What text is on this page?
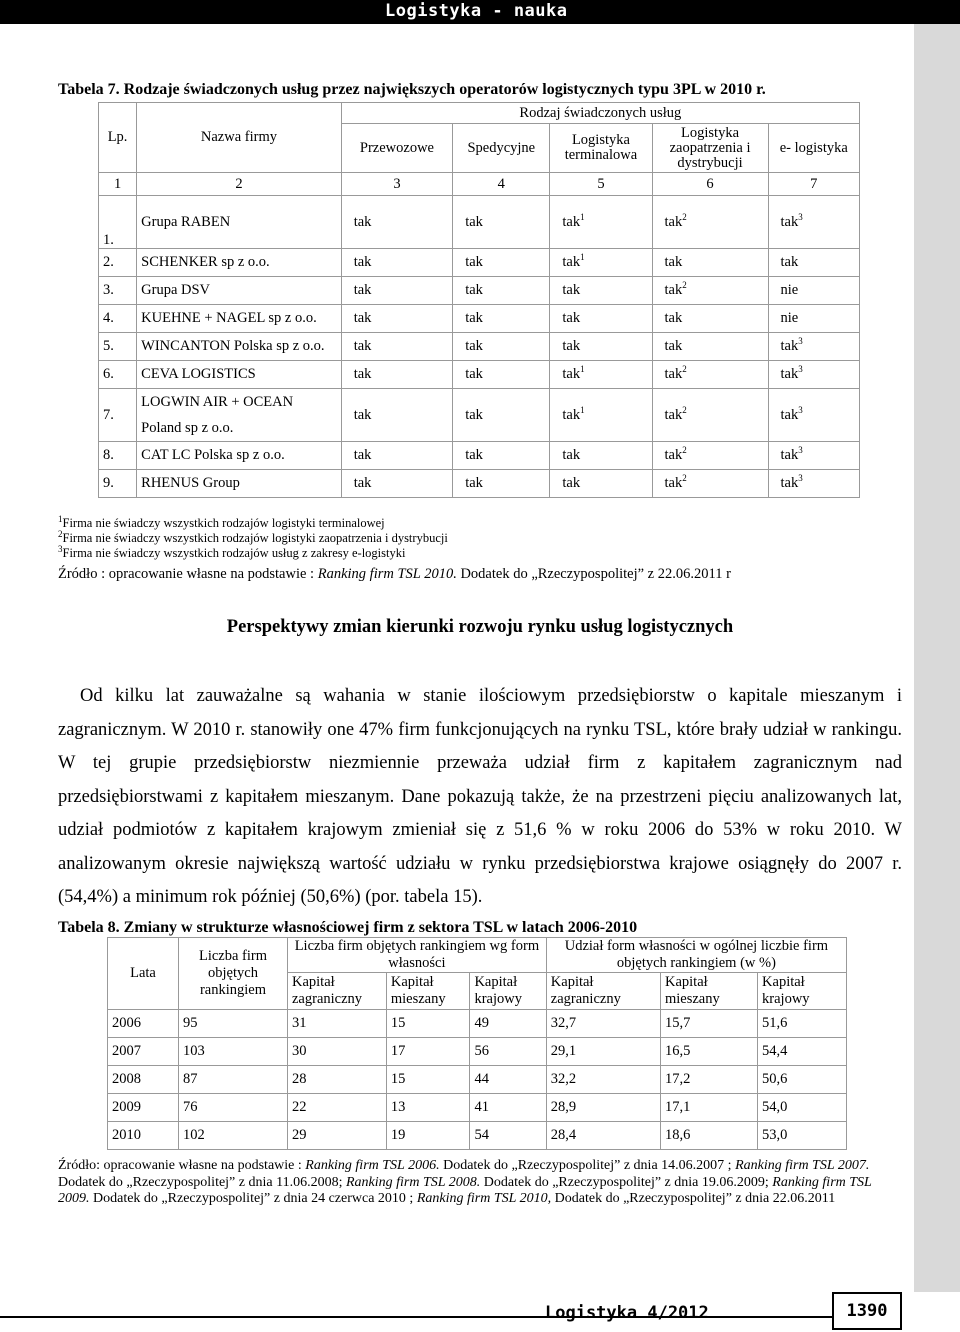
Logistyka - nauka
Tabela 7. Rodzaje świadczonych usług przez największych operatorów logistycznych typu 3PL w 2010 r.
Lp.	Nazwa firmy	Rodzaj świadczonych usług				
		Przewozowe	Spedycyjne	Logistyka terminalowa	Logistyka zaopatrzenia i dystrybucji	e- logistyka
1	2	3	4	5	6	7
1.	Grupa RABEN	tak	tak	tak$^1$	tak$^2$	tak$^3$
2.	SCHENKER sp z o.o.	tak	tak	tak$^1$	tak	tak
3.	Grupa DSV	tak	tak	tak	tak$^2$	nie
4.	KUEHNE + NAGEL sp z o.o.	tak	tak	tak	tak	nie
5.	WINCANTON Polska sp z o.o.	tak	tak	tak	tak	tak$^3$
6.	CEVA LOGISTICS	tak	tak	tak$^1$	tak$^2$	tak$^3$
7.	LOGWIN AIR + OCEAN Poland sp z o.o.	tak	tak	tak$^1$	tak$^2$	tak$^3$
8.	CAT LC Polska sp z o.o.	tak	tak	tak	tak$^2$	tak$^3$
9.	RHENUS Group	tak	tak	tak	tak$^2$	tak$^3$
$^1$Firma nie świadczy wszystkich rodzajów logistyki terminalowej
$^2$Firma nie świadczy wszystkich rodzajów logistyki zaopatrzenia i dystrybucji
$^3$Firma nie świadczy wszystkich rodzajów usług z zakresy e-logistyki
Źródło : opracowanie własne na podstawie : Ranking firm TSL 2010. Dodatek do „Rzeczypospolitej” z 22.06.2011 r
Perspektywy zmian kierunki rozwoju rynku usług logistycznych

Od kilku lat zauważalne są wahania w stanie ilościowym przedsiębiorstw o kapitale mieszanym i zagranicznym. W 2010 r. stanowiły one 47% firm funkcjonujących na rynku TSL, które brały udział w rankingu. W tej grupie przedsiębiorstw niezmiennie przeważa udział firm z kapitałem zagranicznym nad przedsiębiorstwami z kapitałem mieszanym. Dane pokazują także, że na przestrzeni pięciu analizowanych lat, udział podmiotów z kapitałem krajowym zmieniał się z 51,6 % w roku 2006 do 53% w roku 2010. W analizowanym okresie największą wartość udziału w rynku przedsiębiorstwa krajowe osiągnęły do 2007 r. (54,4%) a minimum rok później (50,6%) (por. tabela 15).

Tabela 8. Zmiany w strukturze własnościowej firm z sektora TSL w latach 2006-2010
Lata	Liczba firm objętych rankingiem	Liczba firm objętych rankingiem wg form własności			Udział form własności w ogólnej liczbie firm objętych rankingiem (w %)		
		Kapitał zagraniczny	Kapitał mieszany	Kapitał krajowy	Kapitał zagraniczny	Kapitał mieszany	Kapitał krajowy
2006	95	31	15	49	32,7	15,7	51,6
2007	103	30	17	56	29,1	16,5	54,4
2008	87	28	15	44	32,2	17,2	50,6
2009	76	22	13	41	28,9	17,1	54,0
2010	102	29	19	54	28,4	18,6	53,0
Źródło: opracowanie własne na podstawie : Ranking firm TSL 2006. Dodatek do „Rzeczypospolitej” z dnia 14.06.2007 ; Ranking firm TSL 2007. Dodatek do „Rzeczypospolitej” z dnia 11.06.2008; Ranking firm TSL 2008. Dodatek do „Rzeczypospolitej” z dnia 19.06.2009; Ranking firm TSL 2009. Dodatek do „Rzeczypospolitej” z dnia 24 czerwca 2010 ; Ranking firm TSL 2010, Dodatek do „Rzeczypospolitej” z dnia 22.06.2011
Logistyka 4/2012	1390
